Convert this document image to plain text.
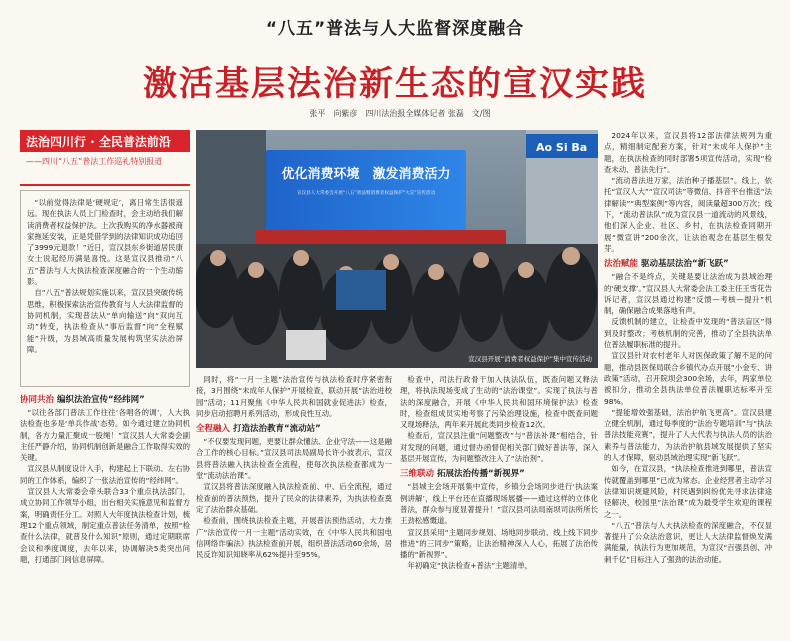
“八五”普法与人大监督深度融合
激活基层法治新生态的宣汉实践
张平　向紫彦　四川法治报全媒体记者 张磊　文/图
法治四川行 · 全民普法前沿
——四川“八五”普法工作巡礼特别报道
“以前觉得法律是‘硬规定’，离日常生活很遥远。现在执法人员上门检查时，会主动给我们解读消费者权益保护法。上次我购买的净水器被商家拖延安装，正是凭借学到的法律知识成功追回了3999元退款！”近日，宣汉县东乡街道居民康女士说起经历满是喜悦。这是宣汉县推动“八五”普法与人大执法检查深度融合的一个生动缩影。
自“八五”普法规划实施以来，宣汉县突破传统思维，积极探索法治宣传教育与人大法律监督的协同机制，实现普法从“单向输送”向“双向互动”转变，执法检查从“事后监督”向“全程赋能”升级，为县域高质量发展构筑坚实法治屏障。
协同共治 编织法治宣传“经纬网”
“以往各部门普法工作往往‘各唱各的调’，人大执法检查也多是‘单兵作战’态势。如今通过建立协同机制，各方力量汇聚成一股绳！”宣汉县人大常委会副主任严静介绍，协同机制创新是融合工作取得实效的关键。
宣汉县从制度设计入手，构建起上下联动、左右协同的工作体系，编织了一张法治宣传的“经纬网”。
宣汉县人大常委会牵头联合33个重点执法部门，成立协同工作领导小组，出台相关实施意见和监督方案，明确责任分工。对照人大年度执法检查计划，梳理12个重点领域，制定重点普法任务清单，按照“检查什么法律，就普及什么知识”原则，通过定期联席会议和季度调度，去年以来，协调解决5类突出问题，打通部门间信息屏障。
Ao Si Ba
优化消费环境　激发消费活力
宣汉县人大常委会开展“八五”普法暨消费者权益保护“大宣”宣传活动
宣汉县开展“消费者权益保护”集中宣传活动
同时，将“一月一主题”法治宣传与执法检查时序紧密衔接，3月围绕“未成年人保护”开展检查，联动开展“法治进校园”活动；11月聚焦《中华人民共和国就业促进法》检查，同步启动招聘月系列活动，形成良性互动。
全程融入 打造法治教育“流动站”
“不仅要发现问题，更要让群众懂法、企业守法——这是融合工作的核心目标。”宣汉县司法局副局长许小波表示，宣汉县将普法融入执法检查全流程，使每次执法检查都成为一堂“流动法治课”。
宣汉县将普法深度融入执法检查前、中、后全流程，通过检查前的普法预热，提升了民众的法律素养，为执法检查奠定了法治群众基础。
检查前，围绕执法检查主题，开展普法预热活动，大力推广“法治宣传一月一主题”活动实效，在《中华人民共和国电信网络诈骗法》执法检查前开展，组织普法活动60余场，居民反诈知识知晓率从62%提升至95%。
检查中，司法行政骨干加入执法队伍，既查问题又释法理，将执法现场变成了生动的“法治课堂”。实现了执法与普法的深度融合，开展《中华人民共和国环境保护法》检查时，检查组成员实地考察了污染治理设施，检查中既查问题又现场释法，两年来开展此类同步检查12次。
检查后，宣汉县注重“问题整改”与“普法补课”相结合，针对发现的问题，通过督办函督促相关部门做好普法等，深入基层开展宣传，为问题整改注入了“法治剂”。
三维联动 拓展法治传播“新视界”
“县城主会场开展集中宣传，乡镇分会场同步进行‘执法案例讲解’，线上平台还在直播现场展播——通过这样的立体化普法，群众参与度显著提升！”宣汉县司法局南坝司法所所长王劲松感慨道。
宣汉县采用“主题同步规划、场地同步联动、线上线下同步推进”的三同步”策略，让法治精神深入人心，拓展了法治传播的“新视界”。
年初确定“执法检查+普法”主题清单，
2024年以来，宣汉县将12部法律法规列为重点，精细制定配套方案，针对“未成年人保护”主题，在执法检查的同时部署5项宣传活动，实现“检查未动、普法先行”。
“流动普法进万家，法治种子播基层”。线上，依托“宣汉人大”“宣汉司法”等微信、抖音平台推送“法律解读”“典型案例”等内容，阅读量超300万次；线下，“流动普法队”成为宣汉县一道流动的风景线，他们深入企业、社区、乡村，在执法检查同期开展“微宣讲”200余次，让法治观念在基层生根发芽。
法治赋能 驱动基层法治“新飞跃”
“融合不是终点，关键是要让法治成为县域治理的‘硬支撑’。”宣汉县人大常委会法工委主任王雪花告诉记者，宣汉县通过构建“反馈—考核—提升”机制，确保融合成果落地有声。
反馈机制的建立，让检查中发现的“普法盲区”得到及时整改；考核机制的完善，推动了全县执法单位普法履职标准的提升。
宣汉县针对农村老年人对医保政策了解不足的问题，推动县医保局联合乡镇代办点开展“小金专、讲政策”活动，召开院坝会300余场，去年，两家单位被扣分，推动全县执法单位普法履职达标率升至98%。
“提能增效强基础，法治护航飞更高”。宣汉县建立健全机制，通过每季度的“法治专题培训”与“执法普法技能竞赛”，提升了人大代表与执法人员的法治素养与普法能力，为法治护航县域发展提供了坚实的人才保障，驱动县域治理实现“新飞跃”。
如今，在宣汉县，“执法检查推进到哪里，普法宣传就覆盖到哪里”已成为常态。企业经营者主动学习法律知识规避风险，村民遇到纠纷优先寻求法律途径解决，校园里“法治课”成为最受学生欢迎的课程之一。
“八五”普法与人大执法检查的深度融合，不仅显著提升了公众法治意识，更让人大法律监督焕发满满能量，执法行为更加规范，为宣汉“百强县创、冲刺千亿”目标注入了强劲的法治动能。
